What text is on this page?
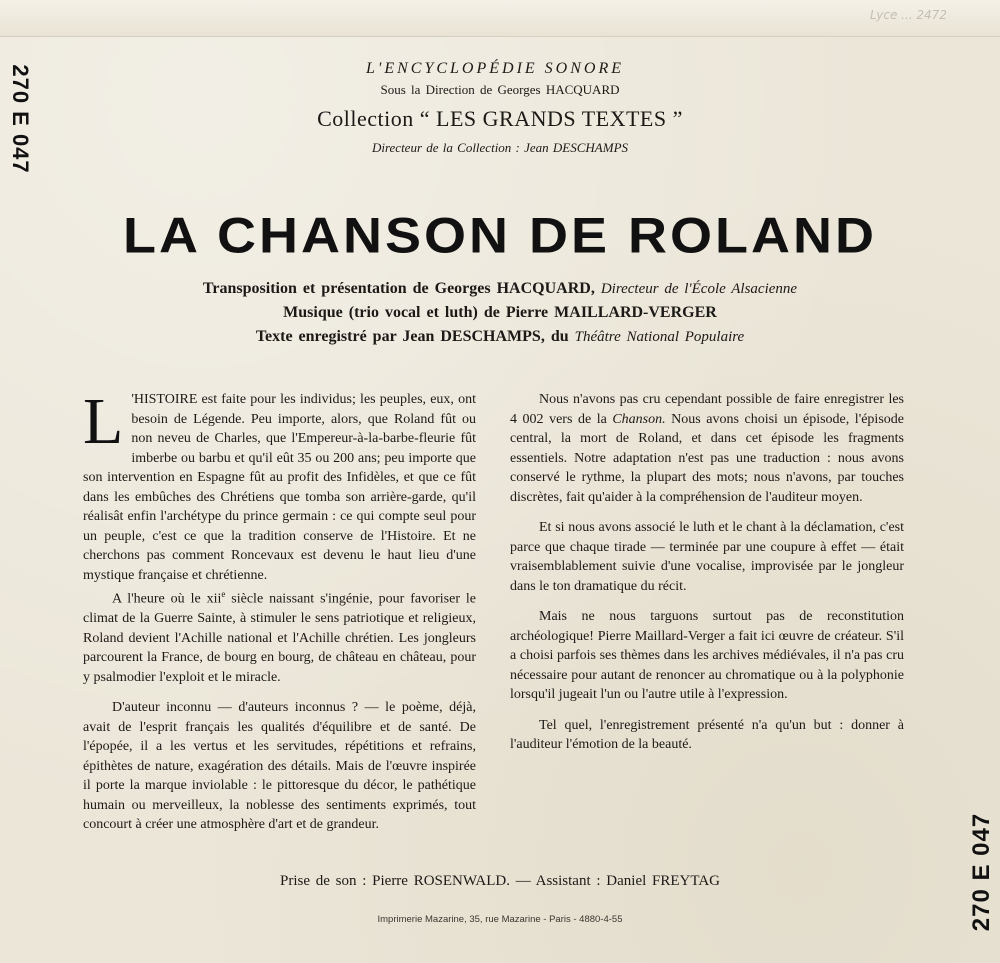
Lyce ... 2472
270 E 047
270 E 047
L'ENCYCLOPÉDIE SONORE
Sous la Direction de Georges HACQUARD
Collection “ LES GRANDS TEXTES ”
Directeur de la Collection : Jean DESCHAMPS
LA CHANSON DE ROLAND
Transposition et présentation de Georges HACQUARD, Directeur de l'École Alsacienne
Musique (trio vocal et luth) de Pierre MAILLARD-VERGER
Texte enregistré par Jean DESCHAMPS, du Théâtre National Populaire

L 'HISTOIRE est faite pour les individus; les peuples, eux, ont besoin de Légende. Peu importe, alors, que Roland fût ou non neveu de Charles, que l'Empereur-à-la-barbe-fleurie fût imberbe ou barbu et qu'il eût 35 ou 200 ans; peu importe que son intervention en Espagne fût au profit des Infidèles, et que ce fût dans les embûches des Chrétiens que tomba son arrière-garde, qu'il réalisât enfin l'archétype du prince germain : ce qui compte seul pour un peuple, c'est ce que la tradition conserve de l'Histoire. Et ne cherchons pas comment Roncevaux est devenu le haut lieu d'une mystique française et chrétienne.

A l'heure où le xii$^e$ siècle naissant s'ingénie, pour favoriser le climat de la Guerre Sainte, à stimuler le sens patriotique et religieux, Roland devient l'Achille national et l'Achille chrétien. Les jongleurs parcourent la France, de bourg en bourg, de château en château, pour y psalmodier l'exploit et le miracle.

D'auteur inconnu — d'auteurs inconnus ? — le poème, déjà, avait de l'esprit français les qualités d'équilibre et de santé. De l'épopée, il a les vertus et les servitudes, répétitions et refrains, épithètes de nature, exagération des détails. Mais de l'œuvre inspirée il porte la marque inviolable : le pittoresque du décor, le pathétique humain ou merveilleux, la noblesse des sentiments exprimés, tout concourt à créer une atmosphère d'art et de grandeur.

Nous n'avons pas cru cependant possible de faire enregistrer les 4 002 vers de la Chanson. Nous avons choisi un épisode, l'épisode central, la mort de Roland, et dans cet épisode les fragments essentiels. Notre adaptation n'est pas une traduction : nous avons conservé le rythme, la plupart des mots; nous n'avons, par touches discrètes, fait qu'aider à la compréhension de l'auditeur moyen.

Et si nous avons associé le luth et le chant à la déclamation, c'est parce que chaque tirade — terminée par une coupure à effet — était vraisemblablement suivie d'une vocalise, improvisée par le jongleur dans le ton dramatique du récit.

Mais ne nous targuons surtout pas de reconstitution archéologique! Pierre Maillard-Verger a fait ici œuvre de créateur. S'il a choisi parfois ses thèmes dans les archives médiévales, il n'a pas cru nécessaire pour autant de renoncer au chromatique ou à la polyphonie lorsqu'il jugeait l'un ou l'autre utile à l'expression.

Tel quel, l'enregistrement présenté n'a qu'un but : donner à l'auditeur l'émotion de la beauté.

Prise de son : Pierre ROSENWALD. — Assistant : Daniel FREYTAG
Imprimerie Mazarine, 35, rue Mazarine - Paris - 4880-4-55
